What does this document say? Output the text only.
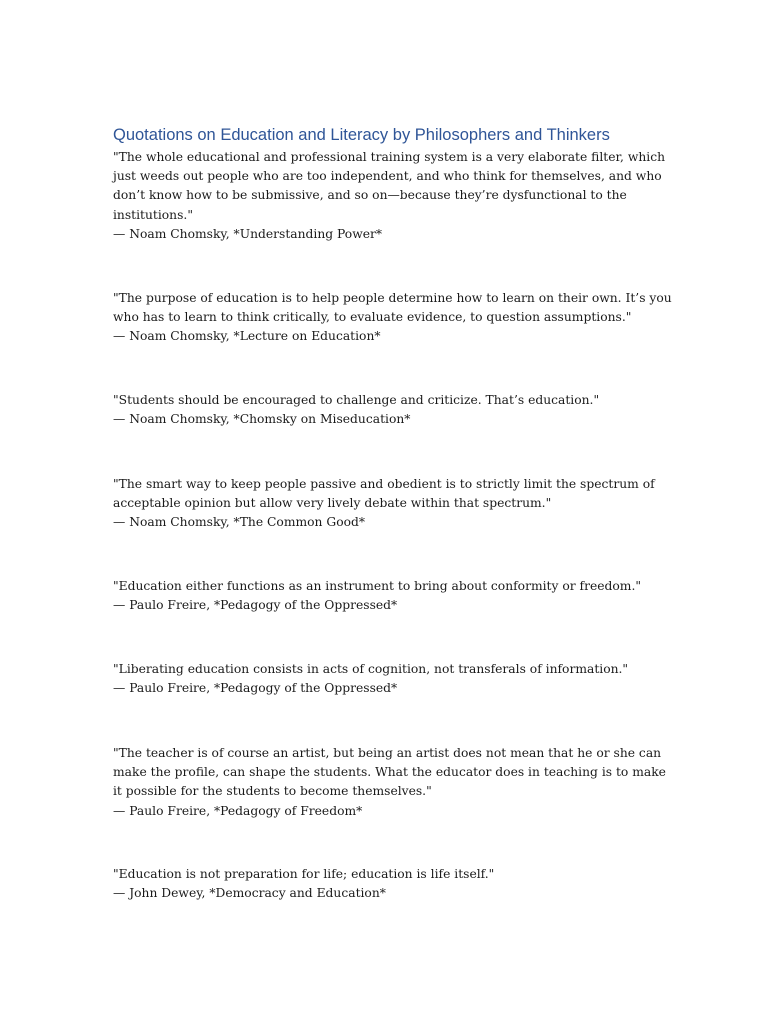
Quotations on Education and Literacy by Philosophers and Thinkers

"The whole educational and professional training system is a very elaborate filter, which just weeds out people who are too independent, and who think for themselves, and who don’t know how to be submissive, and so on—because they’re dysfunctional to the institutions."

— Noam Chomsky, *Understanding Power*

"The purpose of education is to help people determine how to learn on their own. It’s you who has to learn to think critically, to evaluate evidence, to question assumptions."

— Noam Chomsky, *Lecture on Education*

"Students should be encouraged to challenge and criticize. That’s education."

— Noam Chomsky, *Chomsky on Miseducation*

"The smart way to keep people passive and obedient is to strictly limit the spectrum of acceptable opinion but allow very lively debate within that spectrum."

— Noam Chomsky, *The Common Good*

"Education either functions as an instrument to bring about conformity or freedom."

— Paulo Freire, *Pedagogy of the Oppressed*

"Liberating education consists in acts of cognition, not transferals of information."

— Paulo Freire, *Pedagogy of the Oppressed*

"The teacher is of course an artist, but being an artist does not mean that he or she can make the profile, can shape the students. What the educator does in teaching is to make it possible for the students to become themselves."

— Paulo Freire, *Pedagogy of Freedom*

"Education is not preparation for life; education is life itself."

— John Dewey, *Democracy and Education*
